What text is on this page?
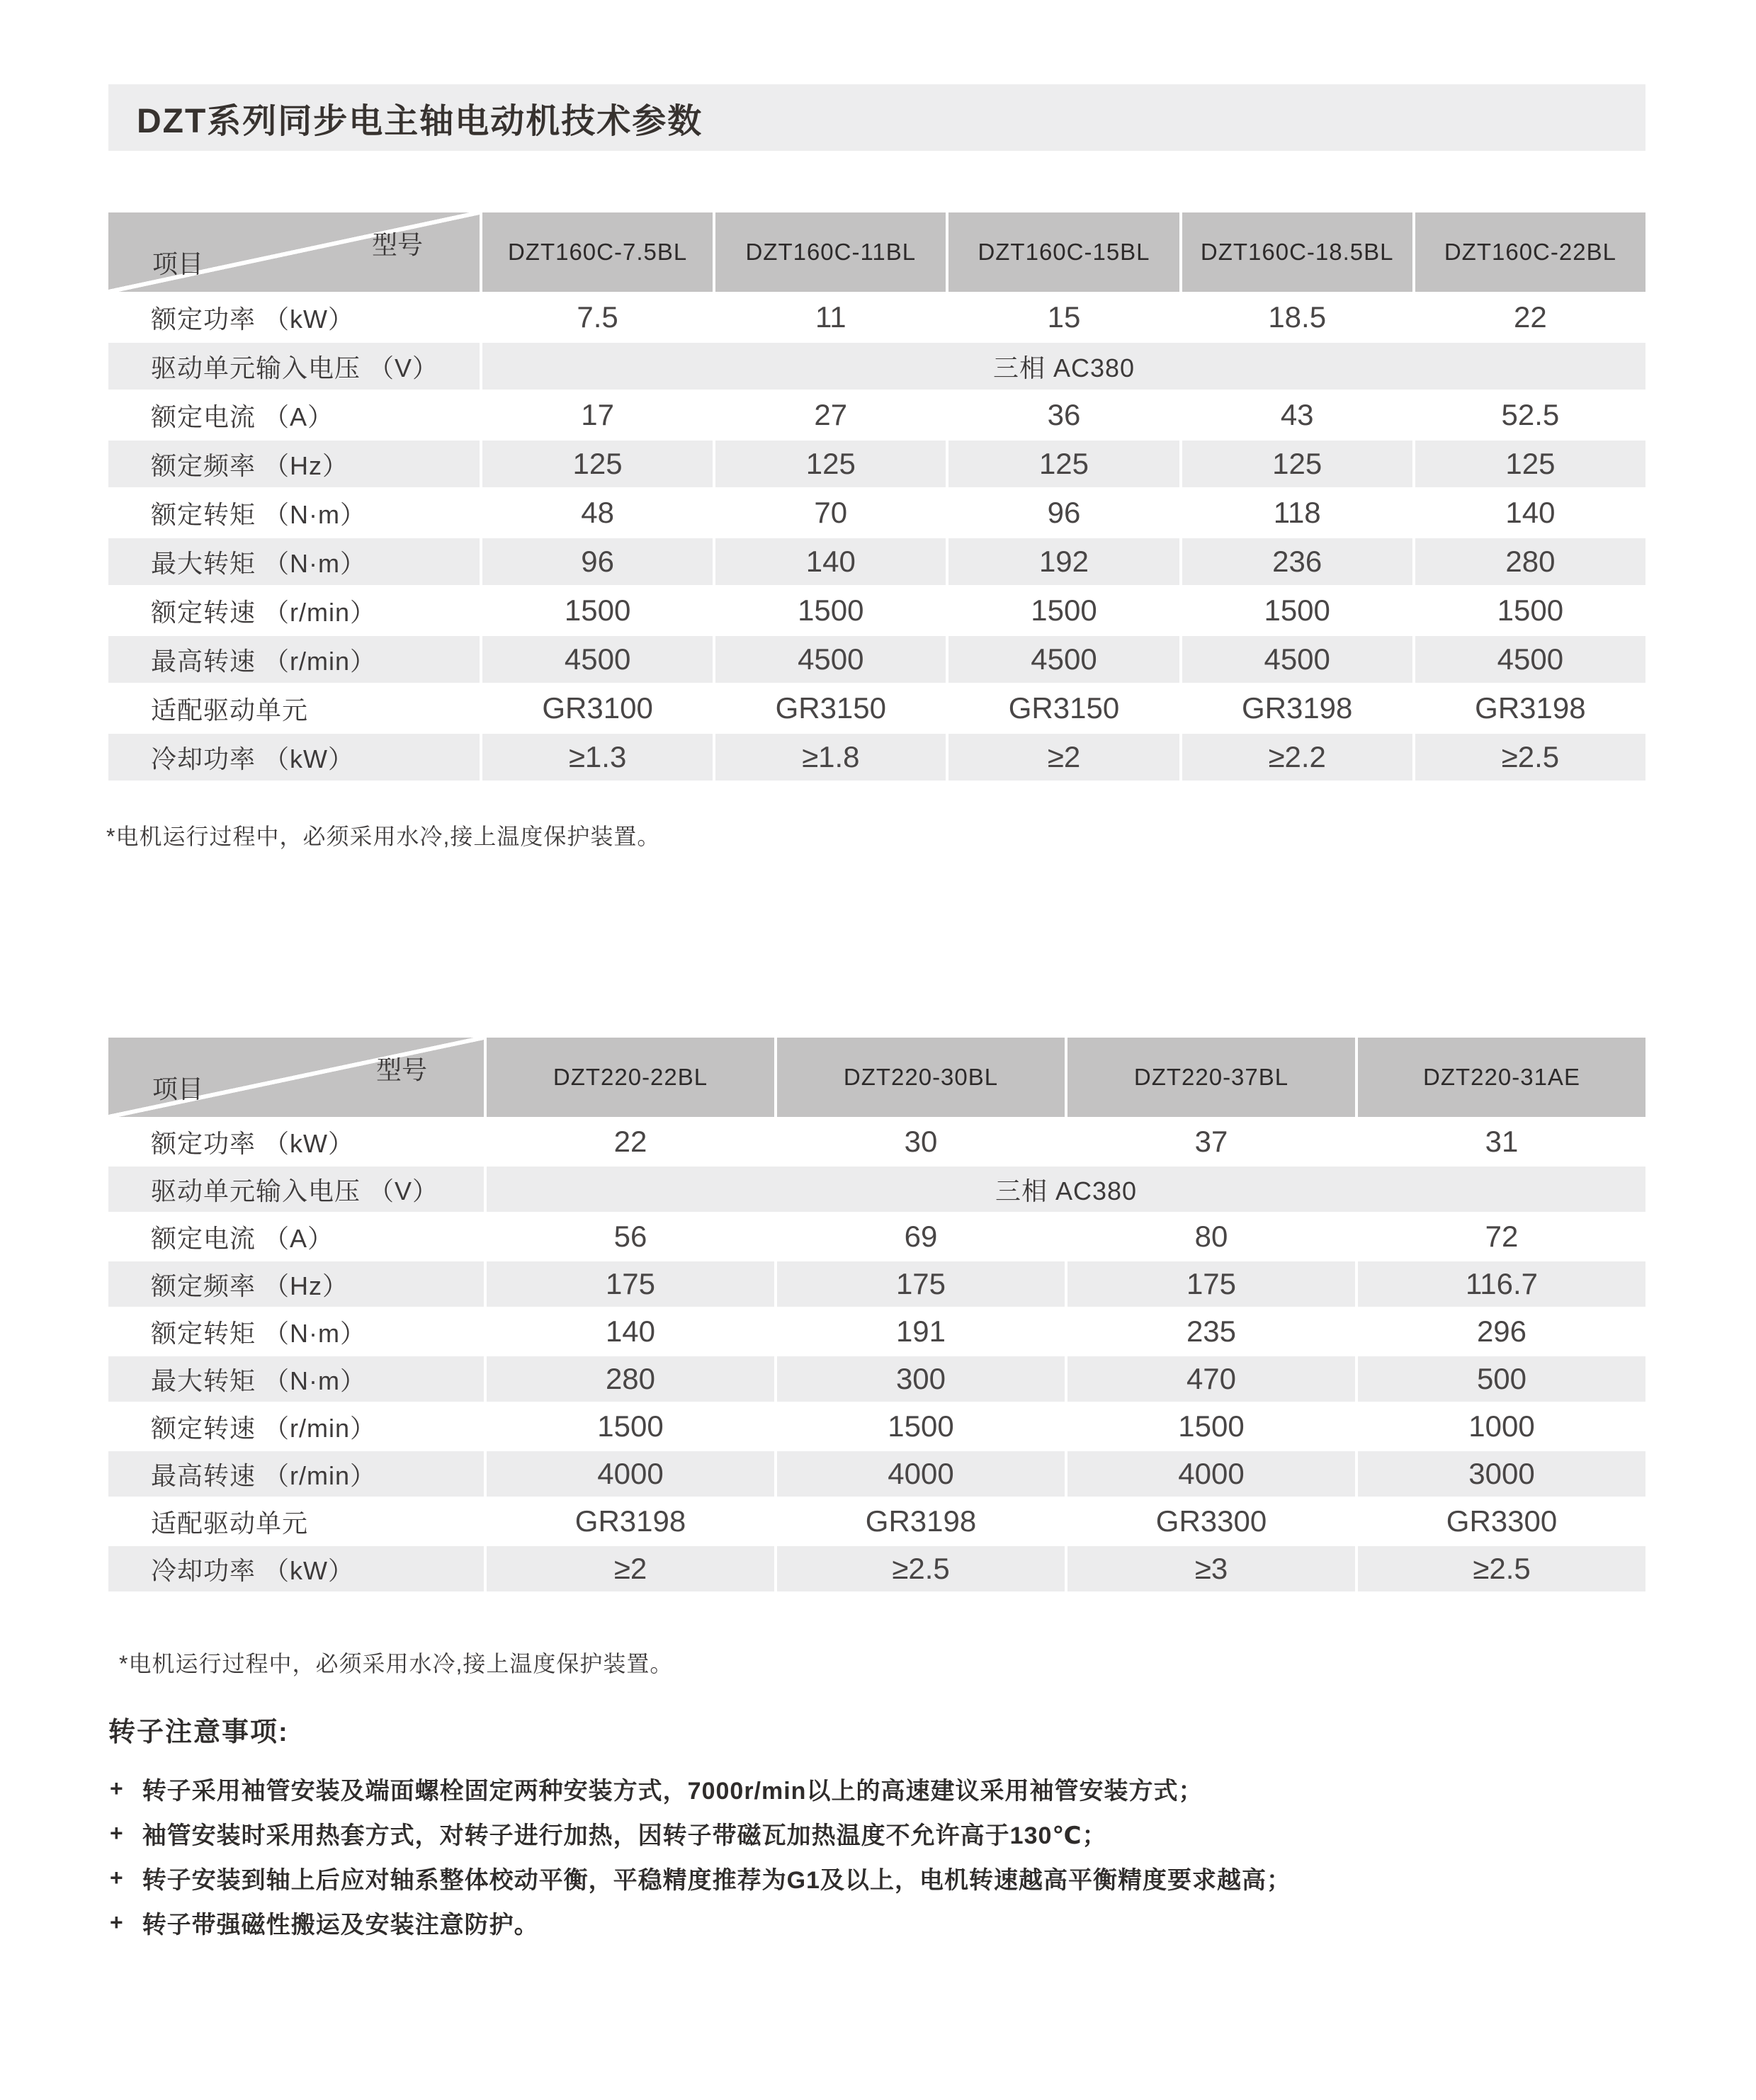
DZT系列同步电主轴电动机技术参数
型号
项目	DZT160C-7.5BL	DZT160C-11BL	DZT160C-15BL	DZT160C-18.5BL	DZT160C-22BL
额定功率 （kW）	7.5	11	15	18.5	22
驱动单元输入电压 （V）	三相 AC380
额定电流 （A）	17	27	36	43	52.5
额定频率 （Hz）	125	125	125	125	125
额定转矩 （N·m）	48	70	96	118	140
最大转矩 （N·m）	96	140	192	236	280
额定转速 （r/min）	1500	1500	1500	1500	1500
最高转速 （r/min）	4500	4500	4500	4500	4500
适配驱动单元	GR3100	GR3150	GR3150	GR3198	GR3198
冷却功率 （kW）	≥1.3	≥1.8	≥2	≥2.2	≥2.5
*电机运行过程中，必须采用水冷,接上温度保护装置。
型号
项目	DZT220-22BL	DZT220-30BL	DZT220-37BL	DZT220-31AE
额定功率 （kW）	22	30	37	31
驱动单元输入电压 （V）	三相 AC380
额定电流 （A）	56	69	80	72
额定频率 （Hz）	175	175	175	116.7
额定转矩 （N·m）	140	191	235	296
最大转矩 （N·m）	280	300	470	500
额定转速 （r/min）	1500	1500	1500	1000
最高转速 （r/min）	4000	4000	4000	3000
适配驱动单元	GR3198	GR3198	GR3300	GR3300
冷却功率 （kW）	≥2	≥2.5	≥3	≥2.5
*电机运行过程中，必须采用水冷,接上温度保护装置。
转子注意事项:
+ 转子采用袖管安装及端面螺栓固定两种安装方式，7000r/min以上的高速建议采用袖管安装方式；
+ 袖管安装时采用热套方式，对转子进行加热，因转子带磁瓦加热温度不允许高于130℃；
+ 转子安装到轴上后应对轴系整体校动平衡，平稳精度推荐为G1及以上，电机转速越高平衡精度要求越高；
+ 转子带强磁性搬运及安装注意防护。
